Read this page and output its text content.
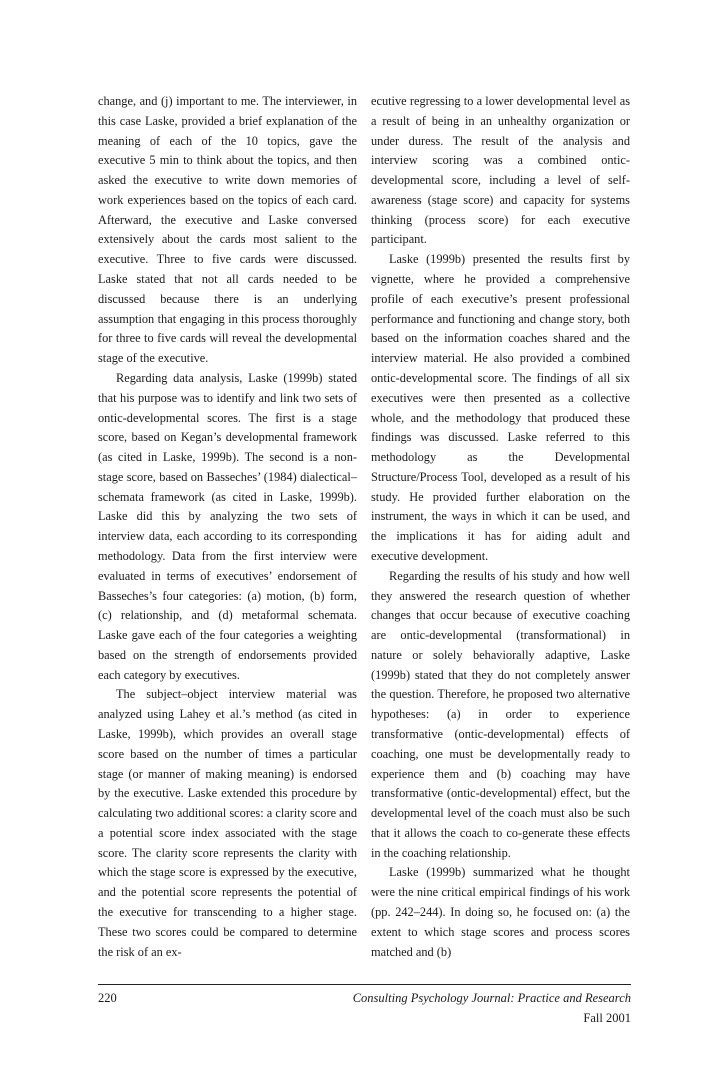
change, and (j) important to me. The interviewer, in this case Laske, provided a brief explanation of the meaning of each of the 10 topics, gave the executive 5 min to think about the topics, and then asked the executive to write down memories of work experiences based on the topics of each card. Afterward, the executive and Laske conversed extensively about the cards most salient to the executive. Three to five cards were discussed. Laske stated that not all cards needed to be discussed because there is an underlying assumption that engaging in this process thoroughly for three to five cards will reveal the developmental stage of the executive.

Regarding data analysis, Laske (1999b) stated that his purpose was to identify and link two sets of ontic-developmental scores. The first is a stage score, based on Kegan’s developmental framework (as cited in Laske, 1999b). The second is a non-stage score, based on Basseches’ (1984) dialectical–schemata framework (as cited in Laske, 1999b). Laske did this by analyzing the two sets of interview data, each according to its corresponding methodology. Data from the first interview were evaluated in terms of executives’ endorsement of Basseches’s four categories: (a) motion, (b) form, (c) relationship, and (d) metaformal schemata. Laske gave each of the four categories a weighting based on the strength of endorsements provided each category by executives.

The subject–object interview material was analyzed using Lahey et al.’s method (as cited in Laske, 1999b), which provides an overall stage score based on the number of times a particular stage (or manner of making meaning) is endorsed by the executive. Laske extended this procedure by calculating two additional scores: a clarity score and a potential score index associated with the stage score. The clarity score represents the clarity with which the stage score is expressed by the executive, and the potential score represents the potential of the executive for transcending to a higher stage. These two scores could be compared to determine the risk of an ex-

ecutive regressing to a lower developmental level as a result of being in an unhealthy organization or under duress. The result of the analysis and interview scoring was a combined ontic-developmental score, including a level of self-awareness (stage score) and capacity for systems thinking (process score) for each executive participant.

Laske (1999b) presented the results first by vignette, where he provided a comprehensive profile of each executive’s present professional performance and functioning and change story, both based on the information coaches shared and the interview material. He also provided a combined ontic-developmental score. The findings of all six executives were then presented as a collective whole, and the methodology that produced these findings was discussed. Laske referred to this methodology as the Developmental Structure/Process Tool, developed as a result of his study. He provided further elaboration on the instrument, the ways in which it can be used, and the implications it has for aiding adult and executive development.

Regarding the results of his study and how well they answered the research question of whether changes that occur because of executive coaching are ontic-developmental (transformational) in nature or solely behaviorally adaptive, Laske (1999b) stated that they do not completely answer the question. Therefore, he proposed two alternative hypotheses: (a) in order to experience transformative (ontic-developmental) effects of coaching, one must be developmentally ready to experience them and (b) coaching may have transformative (ontic-developmental) effect, but the developmental level of the coach must also be such that it allows the coach to co-generate these effects in the coaching relationship.

Laske (1999b) summarized what he thought were the nine critical empirical findings of his work (pp. 242–244). In doing so, he focused on: (a) the extent to which stage scores and process scores matched and (b)

220	Consulting Psychology Journal: Practice and Research
Fall 2001
